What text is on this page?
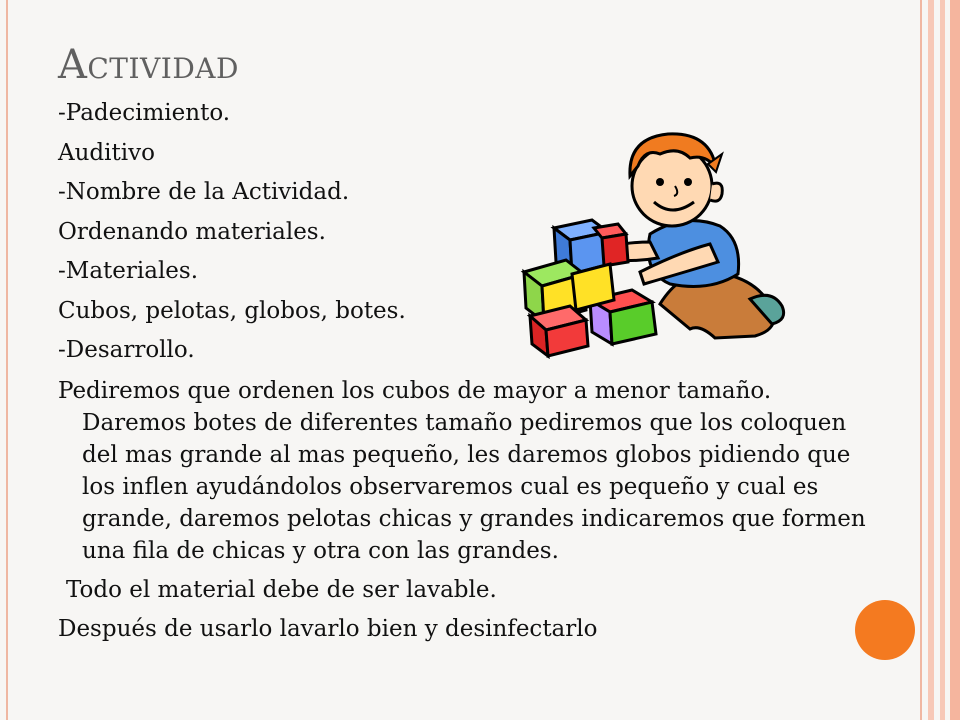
Actividad

-Padecimiento.

Auditivo

-Nombre de la Actividad.

Ordenando materiales.

-Materiales.

Cubos, pelotas, globos, botes.

-Desarrollo.

Pediremos que ordenen los cubos de mayor a menor tamaño. Daremos botes de diferentes tamaño pediremos que los coloquen del mas grande al mas pequeño, les daremos globos pidiendo que los inflen ayudándolos observaremos cual es pequeño y cual es grande, daremos pelotas chicas y grandes indicaremos que formen una fila de chicas y otra con las grandes.

Todo el material debe de ser lavable.

Después de usarlo lavarlo bien y desinfectarlo
